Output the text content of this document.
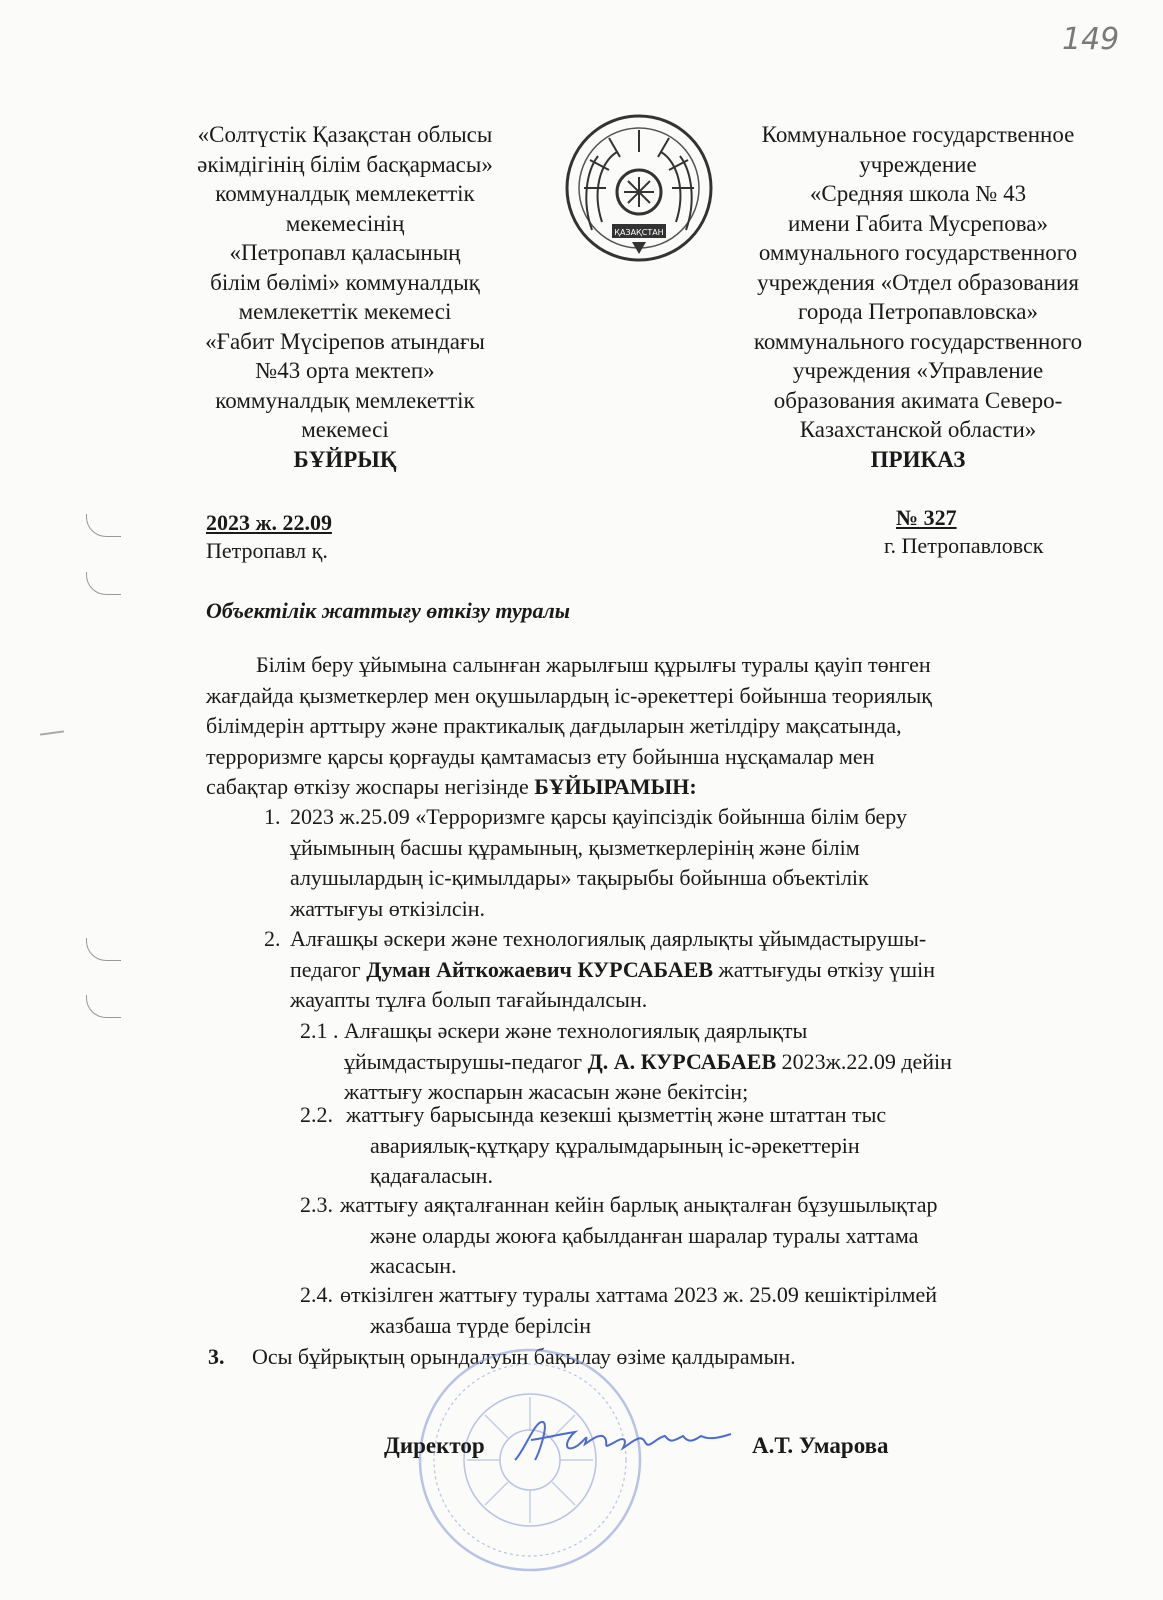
149
«Солтүстік Қазақстан облысы
әкімдігінің білім басқармасы»
коммуналдық мемлекеттік
мекемесінің
«Петропавл қаласының
білім бөлімі» коммуналдық
мемлекеттік мекемесі
«Ғабит Мүсірепов атындағы
№43 орта мектеп»
коммуналдық мемлекеттік
мекемесі
БҰЙРЫҚ
ҚАЗАҚСТАН
Коммунальное государственное
учреждение
«Средняя школа № 43
имени Габита Мусрепова»
оммунального государственного
учреждения «Отдел образования
города Петропавловска»
коммунального государственного
учреждения «Управление
образования акимата Северо-
Казахстанской области»
ПРИКАЗ
2023 ж. 22.09
Петропавл қ.
№ 327
г. Петропавловск
Объектілік жаттығу өткізу туралы
Білім беру ұйымына салынған жарылғыш құрылғы туралы қауіп төнген
жағдайда қызметкерлер мен оқушылардың іс-әрекеттері бойынша теориялық
білімдерін арттыру және практикалық дағдыларын жетілдіру мақсатында,
терроризмге қарсы қорғауды қамтамасыз ету бойынша нұсқамалар мен
сабақтар өткізу жоспары негізінде БҰЙЫРАМЫН:
1. 2023 ж.25.09 «Терроризмге қарсы қауіпсіздік бойынша білім беру
ұйымының басшы құрамының, қызметкерлерінің және білім
алушылардың іс-қимылдары» тақырыбы бойынша объектілік
жаттығуы өткізілсін.
2. Алғашқы әскери және технологиялық даярлықты ұйымдастырушы-
педагог Думан Айткожаевич КУРСАБАЕВ жаттығуды өткізу үшін
жауапты тұлға болып тағайындалсын.
2.1 . Алғашқы әскери және технологиялық даярлықты
ұйымдастырушы-педагог Д. А. КУРСАБАЕВ 2023ж.22.09 дейін
жаттығу жоспарын жасасын және бекітсін;
2.2. жаттығу барысында кезекші қызметтің және штаттан тыс
авариялық-құтқару құралымдарының іс-әрекеттерін
қадағаласын.
2.3. жаттығу аяқталғаннан кейін барлық анықталған бұзушылықтар
және оларды жоюға қабылданған шаралар туралы хаттама
жасасын.
2.4. өткізілген жаттығу туралы хаттама 2023 ж. 25.09 кешіктірілмей
жазбаша түрде берілсін
3. Осы бұйрықтың орындалуын бақылау өзіме қалдырамын.
Директор	А.Т. Умарова
